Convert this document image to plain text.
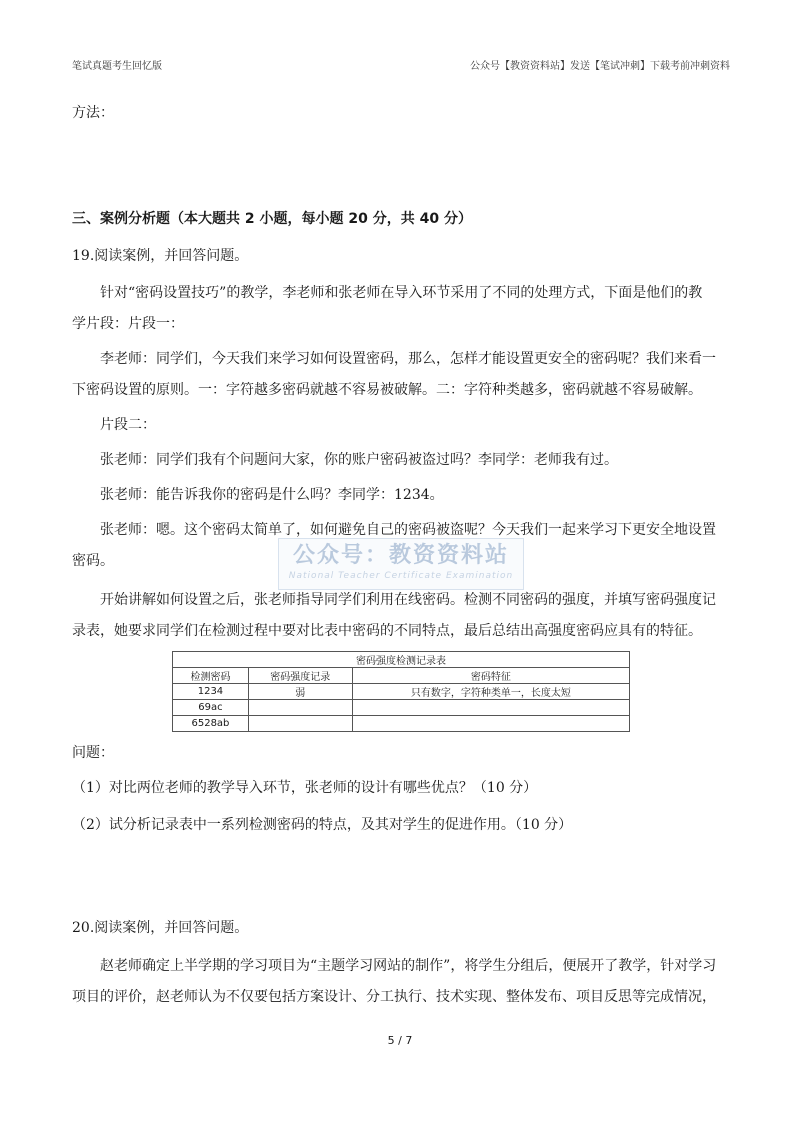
笔试真题考生回忆版	公众号【教资资料站】发送【笔试冲刺】下载考前冲刺资料
方法：
三、案例分析题（本大题共 2 小题，每小题 20 分，共 40 分）
19.阅读案例，并回答问题。
针对“密码设置技巧”的教学，李老师和张老师在导入环节采用了不同的处理方式，下面是他们的教
学片段：片段一：
李老师：同学们，今天我们来学习如何设置密码，那么，怎样才能设置更安全的密码呢？我们来看一
下密码设置的原则。一：字符越多密码就越不容易被破解。二：字符种类越多，密码就越不容易破解。
片段二：
张老师：同学们我有个问题问大家，你的账户密码被盗过吗？李同学：老师我有过。
张老师：能告诉我你的密码是什么吗？李同学：1234。
张老师：嗯。这个密码太简单了，如何避免自己的密码被盗呢？今天我们一起来学习下更安全地设置
密码。	公众号：教资资料站
National Teacher Certificate Examination
开始讲解如何设置之后，张老师指导同学们利用在线密码。检测不同密码的强度，并填写密码强度记
录表，她要求同学们在检测过程中要对比表中密码的不同特点，最后总结出高强度密码应具有的特征。
密码强度检测记录表		
检测密码	密码强度记录	密码特征
1234	弱	只有数字，字符种类单一，长度太短
69ac		
6528ab		
问题：
（1）对比两位老师的教学导入环节，张老师的设计有哪些优点？（10 分）
（2）试分析记录表中一系列检测密码的特点，及其对学生的促进作用。（10 分）
20.阅读案例，并回答问题。
赵老师确定上半学期的学习项目为“主题学习网站的制作”，将学生分组后，便展开了教学，针对学习
项目的评价，赵老师认为不仅要包括方案设计、分工执行、技术实现、整体发布、项目反思等完成情况，
5 / 7
